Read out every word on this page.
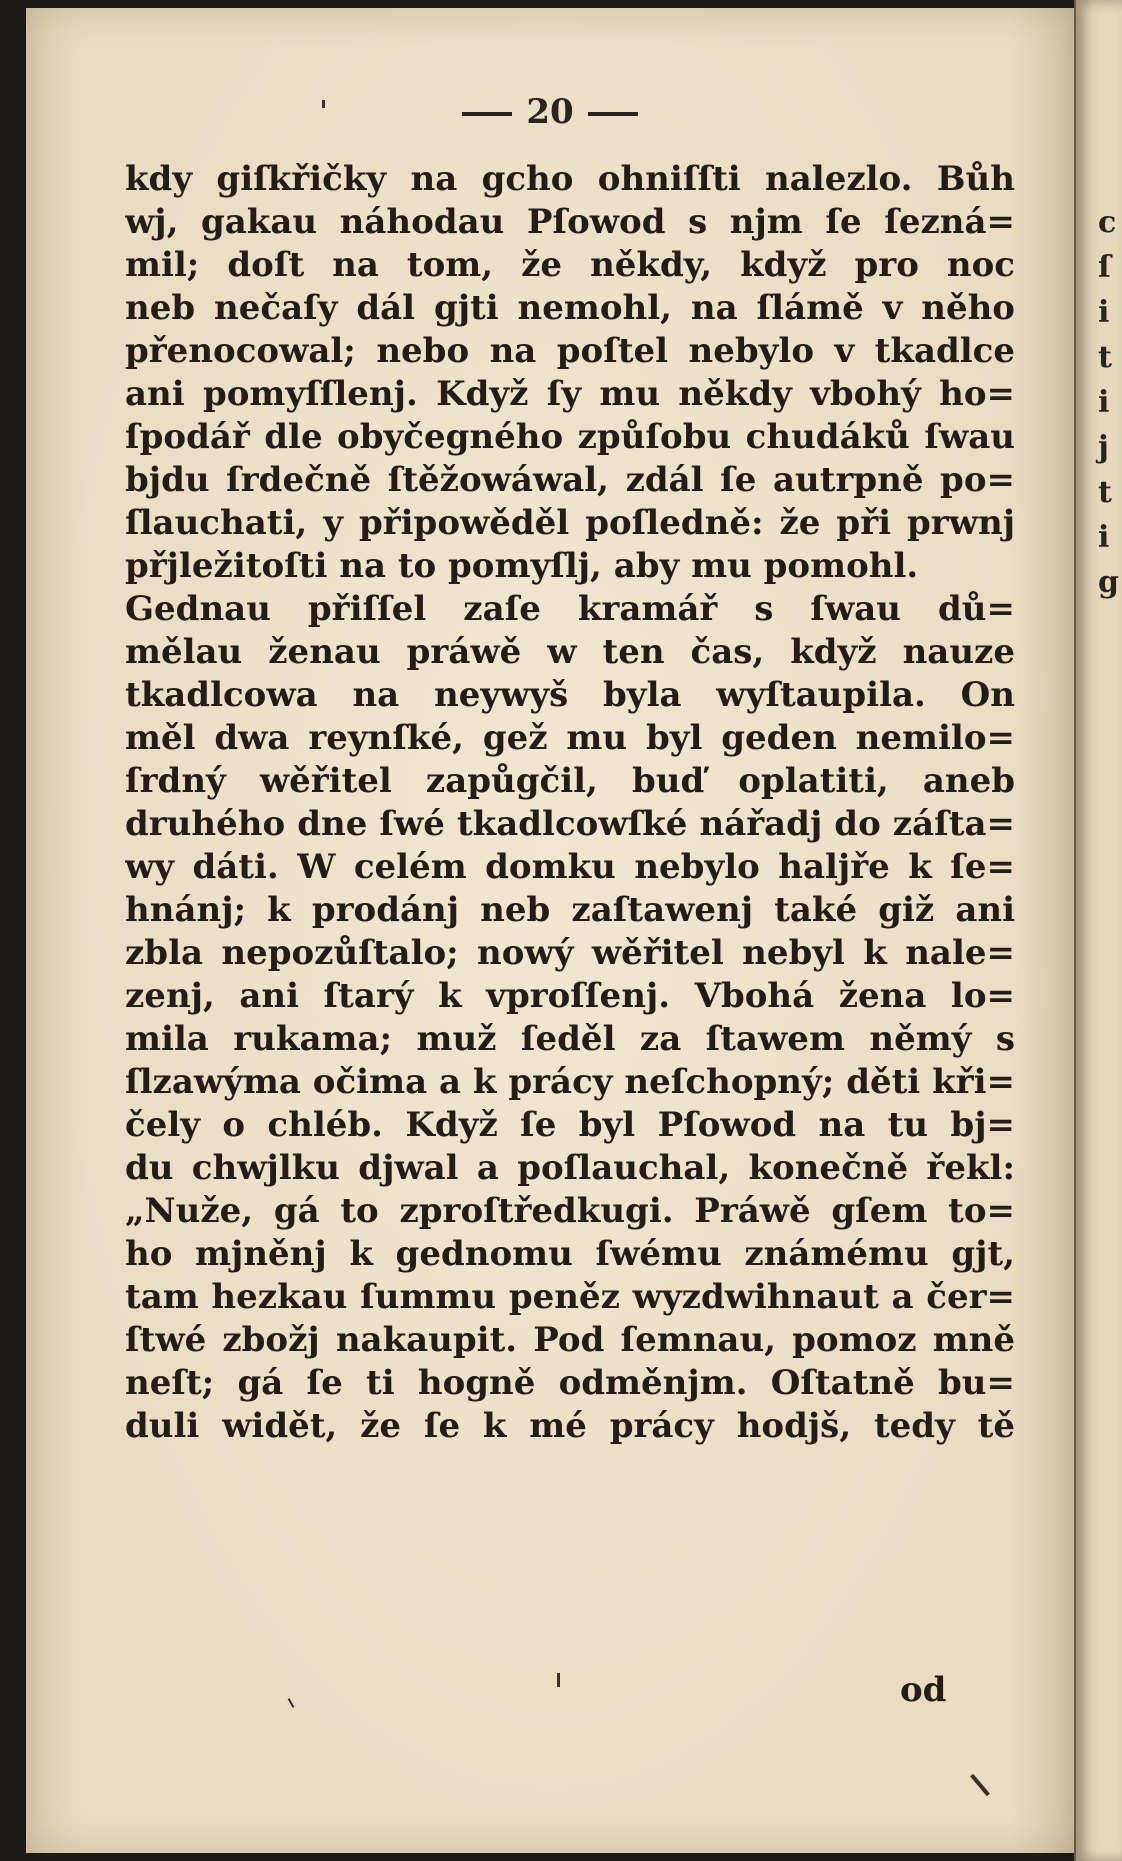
c
ſ
i
t
i
j
t
i
g
20
kdy giſkřičky na gcho ohniſſti nalezlo. Bůh
wj, gakau náhodau Pſowod s njm ſe ſezná=
mil; doſt na tom, že někdy, když pro noc
neb nečaſy dál gjti nemohl, na ſlámě v něho
přenocowal; nebo na poſtel nebylo v tkadlce
ani pomyſſlenj. Když ſy mu někdy vbohý ho=
ſpodář dle obyčegného způſobu chudáků ſwau
bjdu ſrdečně ſtěžowáwal, zdál ſe autrpně po=
ſlauchati, y připowěděl poſledně: že při prwnj
přjležitoſti na to pomyſlj, aby mu pomohl.
Gednau přiſſel zaſe kramář s ſwau dů=
mělau ženau práwě w ten čas, když nauze
tkadlcowa na neywyš byla wyſtaupila. On
měl dwa reynſké, gež mu byl geden nemilo=
ſrdný wěřitel zapůgčil, buď oplatiti, aneb
druhého dne ſwé tkadlcowſké nářadj do záſta=
wy dáti. W celém domku nebylo haljře k ſe=
hnánj; k prodánj neb zaſtawenj také giž ani
zbla nepozůſtalo; nowý wěřitel nebyl k nale=
zenj, ani ſtarý k vproſſenj. Vbohá žena lo=
mila rukama; muž ſeděl za ſtawem němý s
ſlzawýma očima a k prácy neſchopný; děti kři=
čely o chléb. Když ſe byl Pſowod na tu bj=
du chwjlku djwal a poſlauchal, konečně řekl:
„Nuže, gá to zproſtředkugi. Práwě gſem to=
ho mjněnj k gednomu ſwému známému gjt,
tam hezkau ſummu peněz wyzdwihnaut a čer=
ſtwé zbožj nakaupit. Pod ſemnau, pomoz mně
neſt; gá ſe ti hogně odměnjm. Oſtatně bu=
duli widět, že ſe k mé prácy hodjš, tedy tě
od
